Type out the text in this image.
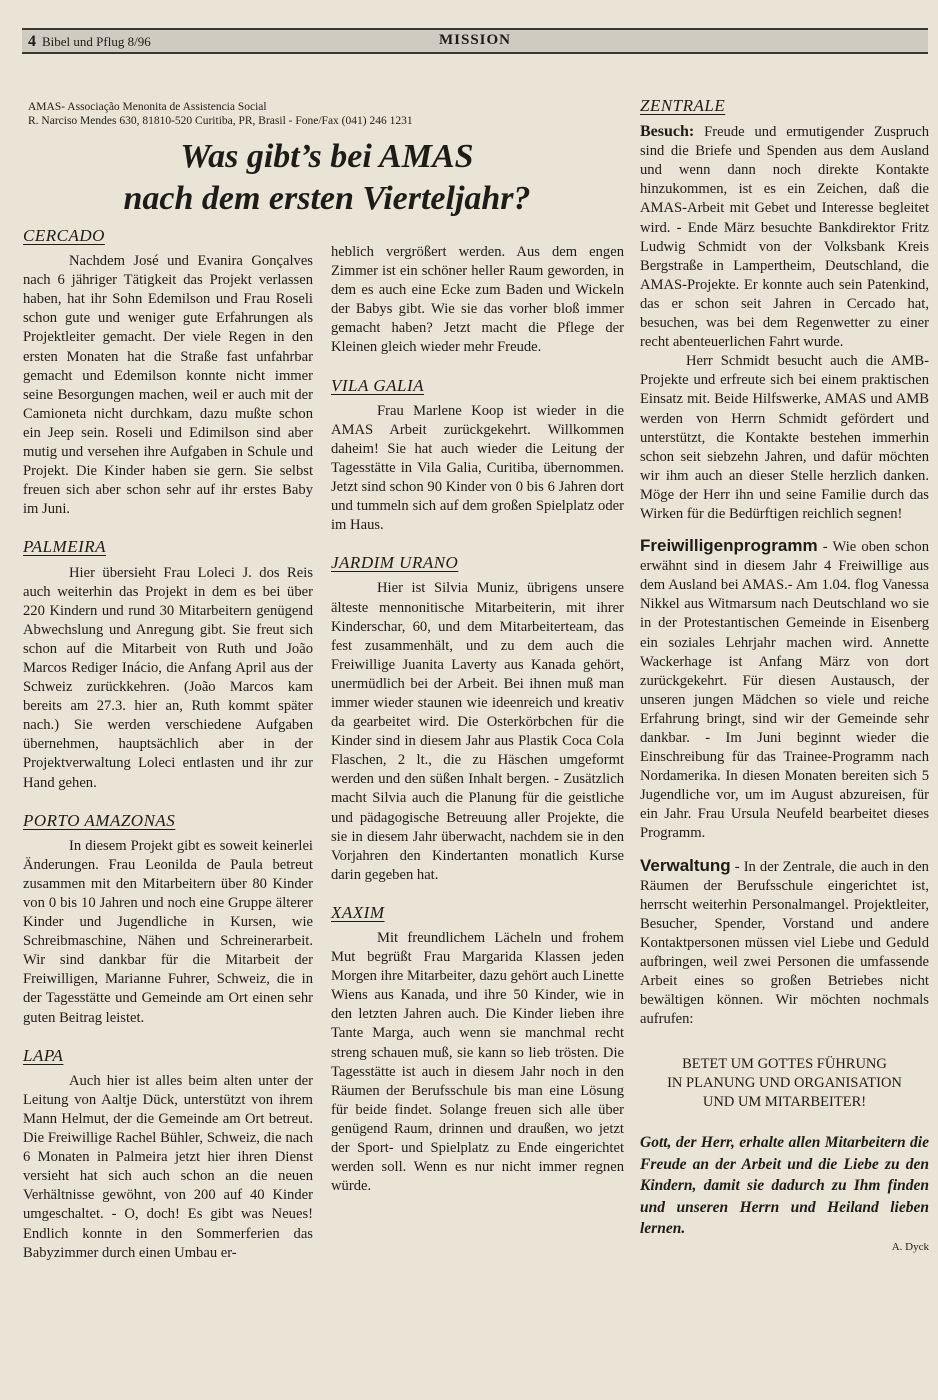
4 Bibel und Pflug 8/96	MISSION
AMAS- Associação Menonita de Assistencia Social
R. Narciso Mendes 630, 81810-520 Curitiba, PR, Brasil - Fone/Fax (041) 246 1231
Was gibt’s bei AMAS
nach dem ersten Vierteljahr?
CERCADO

Nachdem José und Evanira Gonçalves nach 6 jähriger Tätigkeit das Projekt verlassen haben, hat ihr Sohn Edemilson und Frau Roseli schon gute und weniger gute Erfahrungen als Projektleiter gemacht. Der viele Regen in den ersten Monaten hat die Straße fast unfahrbar gemacht und Edemilson konnte nicht immer seine Besorgungen machen, weil er auch mit der Camioneta nicht durchkam, dazu mußte schon ein Jeep sein. Roseli und Edimilson sind aber mutig und versehen ihre Aufgaben in Schule und Projekt. Die Kinder haben sie gern. Sie selbst freuen sich aber schon sehr auf ihr erstes Baby im Juni.

PALMEIRA

Hier übersieht Frau Loleci J. dos Reis auch weiterhin das Projekt in dem es bei über 220 Kindern und rund 30 Mitarbeitern genügend Abwechslung und Anregung gibt. Sie freut sich schon auf die Mitarbeit von Ruth und João Marcos Rediger Inácio, die Anfang April aus der Schweiz zurückkehren. (João Marcos kam bereits am 27.3. hier an, Ruth kommt später nach.) Sie werden verschiedene Aufgaben übernehmen, hauptsächlich aber in der Projektverwaltung Loleci entlasten und ihr zur Hand gehen.

PORTO AMAZONAS

In diesem Projekt gibt es soweit keinerlei Änderungen. Frau Leonilda de Paula betreut zusammen mit den Mitarbeitern über 80 Kinder von 0 bis 10 Jahren und noch eine Gruppe älterer Kinder und Jugendliche in Kursen, wie Schreibmaschine, Nähen und Schreinerarbeit. Wir sind dankbar für die Mitarbeit der Freiwilligen, Marianne Fuhrer, Schweiz, die in der Tagesstätte und Gemeinde am Ort einen sehr guten Beitrag leistet.

LAPA

Auch hier ist alles beim alten unter der Leitung von Aaltje Dück, unterstützt von ihrem Mann Helmut, der die Gemeinde am Ort betreut. Die Freiwillige Rachel Bühler, Schweiz, die nach 6 Monaten in Palmeira jetzt hier ihren Dienst versieht hat sich auch schon an die neuen Verhältnisse gewöhnt, von 200 auf 40 Kinder umgeschaltet. - O, doch! Es gibt was Neues! Endlich konnte in den Sommerferien das Babyzimmer durch einen Umbau er-

heblich vergrößert werden. Aus dem engen Zimmer ist ein schöner heller Raum geworden, in dem es auch eine Ecke zum Baden und Wickeln der Babys gibt. Wie sie das vorher bloß immer gemacht haben? Jetzt macht die Pflege der Kleinen gleich wieder mehr Freude.

VILA GALIA

Frau Marlene Koop ist wieder in die AMAS Arbeit zurückgekehrt. Willkommen daheim! Sie hat auch wieder die Leitung der Tagesstätte in Vila Galia, Curitiba, übernommen. Jetzt sind schon 90 Kinder von 0 bis 6 Jahren dort und tummeln sich auf dem großen Spielplatz oder im Haus.

JARDIM URANO

Hier ist Silvia Muniz, übrigens unsere älteste mennonitische Mitarbeiterin, mit ihrer Kinderschar, 60, und dem Mitarbeiterteam, das fest zusammenhält, und zu dem auch die Freiwillige Juanita Laverty aus Kanada gehört, unermüdlich bei der Arbeit. Bei ihnen muß man immer wieder staunen wie ideenreich und kreativ da gearbeitet wird. Die Osterkörbchen für die Kinder sind in diesem Jahr aus Plastik Coca Cola Flaschen, 2 lt., die zu Häschen umgeformt werden und den süßen Inhalt bergen. - Zusätzlich macht Silvia auch die Planung für die geistliche und pädagogische Betreuung aller Projekte, die sie in diesem Jahr überwacht, nachdem sie in den Vorjahren den Kindertanten monatlich Kurse darin gegeben hat.

XAXIM

Mit freundlichem Lächeln und frohem Mut begrüßt Frau Margarida Klassen jeden Morgen ihre Mitarbeiter, dazu gehört auch Linette Wiens aus Kanada, und ihre 50 Kinder, wie in den letzten Jahren auch. Die Kinder lieben ihre Tante Marga, auch wenn sie manchmal recht streng schauen muß, sie kann so lieb trösten. Die Tagesstätte ist auch in diesem Jahr noch in den Räumen der Berufsschule bis man eine Lösung für beide findet. Solange freuen sich alle über genügend Raum, drinnen und draußen, wo jetzt der Sport- und Spielplatz zu Ende eingerichtet werden soll. Wenn es nur nicht immer regnen würde.

ZENTRALE

Besuch: Freude und ermutigender Zuspruch sind die Briefe und Spenden aus dem Ausland und wenn dann noch direkte Kontakte hinzukommen, ist es ein Zeichen, daß die AMAS-Arbeit mit Gebet und Interesse begleitet wird. - Ende März besuchte Bankdirektor Fritz Ludwig Schmidt von der Volksbank Kreis Bergstraße in Lampertheim, Deutschland, die AMAS-Projekte. Er konnte auch sein Patenkind, das er schon seit Jahren in Cercado hat, besuchen, was bei dem Regenwetter zu einer recht abenteuerlichen Fahrt wurde.

Herr Schmidt besucht auch die AMB-Projekte und erfreute sich bei einem praktischen Einsatz mit. Beide Hilfswerke, AMAS und AMB werden von Herrn Schmidt gefördert und unterstützt, die Kontakte bestehen immerhin schon seit siebzehn Jahren, und dafür möchten wir ihm auch an dieser Stelle herzlich danken. Möge der Herr ihn und seine Familie durch das Wirken für die Bedürftigen reichlich segnen!

Freiwilligenprogramm - Wie oben schon erwähnt sind in diesem Jahr 4 Freiwillige aus dem Ausland bei AMAS.- Am 1.04. flog Vanessa Nikkel aus Witmarsum nach Deutschland wo sie in der Protestantischen Gemeinde in Eisenberg ein soziales Lehrjahr machen wird. Annette Wackerhage ist Anfang März von dort zurückgekehrt. Für diesen Austausch, der unseren jungen Mädchen so viele und reiche Erfahrung bringt, sind wir der Gemeinde sehr dankbar. - Im Juni beginnt wieder die Einschreibung für das Trainee-Programm nach Nordamerika. In diesen Monaten bereiten sich 5 Jugendliche vor, um im August abzureisen, für ein Jahr. Frau Ursula Neufeld bearbeitet dieses Programm.

Verwaltung - In der Zentrale, die auch in den Räumen der Berufsschule eingerichtet ist, herrscht weiterhin Personalmangel. Projektleiter, Besucher, Spender, Vorstand und andere Kontaktpersonen müssen viel Liebe und Geduld aufbringen, weil zwei Personen die umfassende Arbeit eines so großen Betriebes nicht bewältigen können. Wir möchten nochmals aufrufen:

BETET UM GOTTES FÜHRUNG
IN PLANUNG UND ORGANISATION
UND UM MITARBEITER!

Gott, der Herr, erhalte allen Mitarbeitern die Freude an der Arbeit und die Liebe zu den Kindern, damit sie dadurch zu Ihm finden und unseren Herrn und Heiland lieben lernen.

A. Dyck
